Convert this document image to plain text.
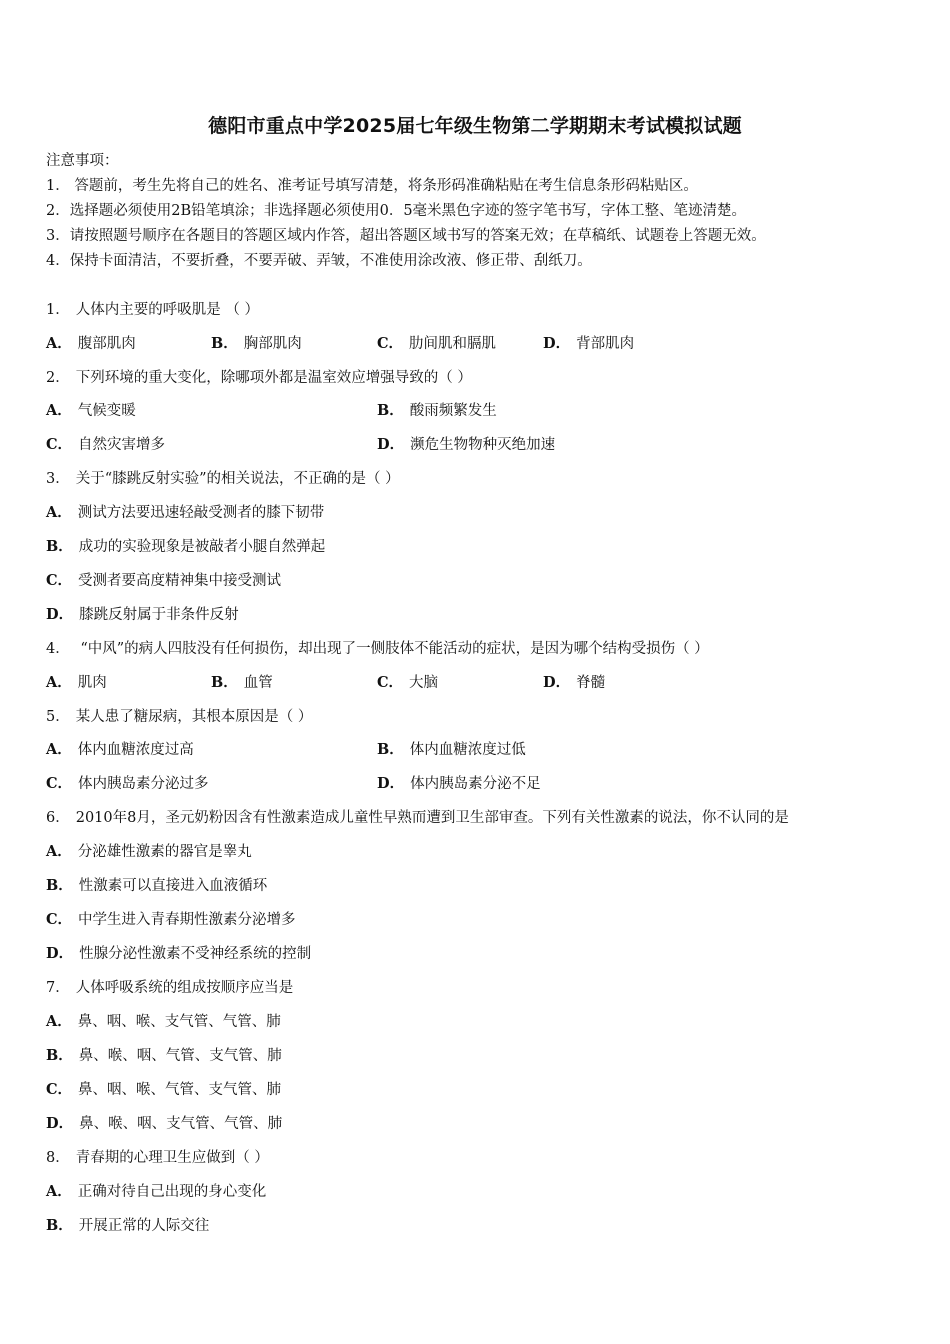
德阳市重点中学2025届七年级生物第二学期期末考试模拟试题
注意事项：
1． 答题前，考生先将自己的姓名、准考证号填写清楚，将条形码准确粘贴在考生信息条形码粘贴区。
2．选择题必须使用2B铅笔填涂；非选择题必须使用0．5毫米黑色字迹的签字笔书写，字体工整、笔迹清楚。
3．请按照题号顺序在各题目的答题区域内作答，超出答题区域书写的答案无效；在草稿纸、试题卷上答题无效。
4．保持卡面清洁，不要折叠，不要弄破、弄皱，不准使用涂改液、修正带、刮纸刀。
1． 人体内主要的呼吸肌是 （ ）
A． 腹部肌肉	B． 胸部肌肉	C． 肋间肌和膈肌	D． 背部肌肉
2． 下列环境的重大变化，除哪项外都是温室效应增强导致的（ ）
A． 气候变暖	B． 酸雨频繁发生
C． 自然灾害增多	D． 濒危生物物种灭绝加速
3． 关于“膝跳反射实验”的相关说法，不正确的是（ ）
A． 测试方法要迅速轻敲受测者的膝下韧带
B． 成功的实验现象是被敲者小腿自然弹起
C． 受测者要高度精神集中接受测试
D． 膝跳反射属于非条件反射
4． “中风”的病人四肢没有任何损伤，却出现了一侧肢体不能活动的症状，是因为哪个结构受损伤（ ）
A． 肌肉	B． 血管	C． 大脑	D． 脊髓
5． 某人患了糖尿病，其根本原因是（ ）
A． 体内血糖浓度过高	B． 体内血糖浓度过低
C． 体内胰岛素分泌过多	D． 体内胰岛素分泌不足
6． 2010年8月，圣元奶粉因含有性激素造成儿童性早熟而遭到卫生部审查。下列有关性激素的说法，你不认同的是
A． 分泌雄性激素的器官是睾丸
B． 性激素可以直接进入血液循环
C． 中学生进入青春期性激素分泌增多
D． 性腺分泌性激素不受神经系统的控制
7． 人体呼吸系统的组成按顺序应当是
A． 鼻、咽、喉、支气管、气管、肺
B． 鼻、喉、咽、气管、支气管、肺
C． 鼻、咽、喉、气管、支气管、肺
D． 鼻、喉、咽、支气管、气管、肺
8． 青春期的心理卫生应做到（ ）
A． 正确对待自己出现的身心变化
B． 开展正常的人际交往
